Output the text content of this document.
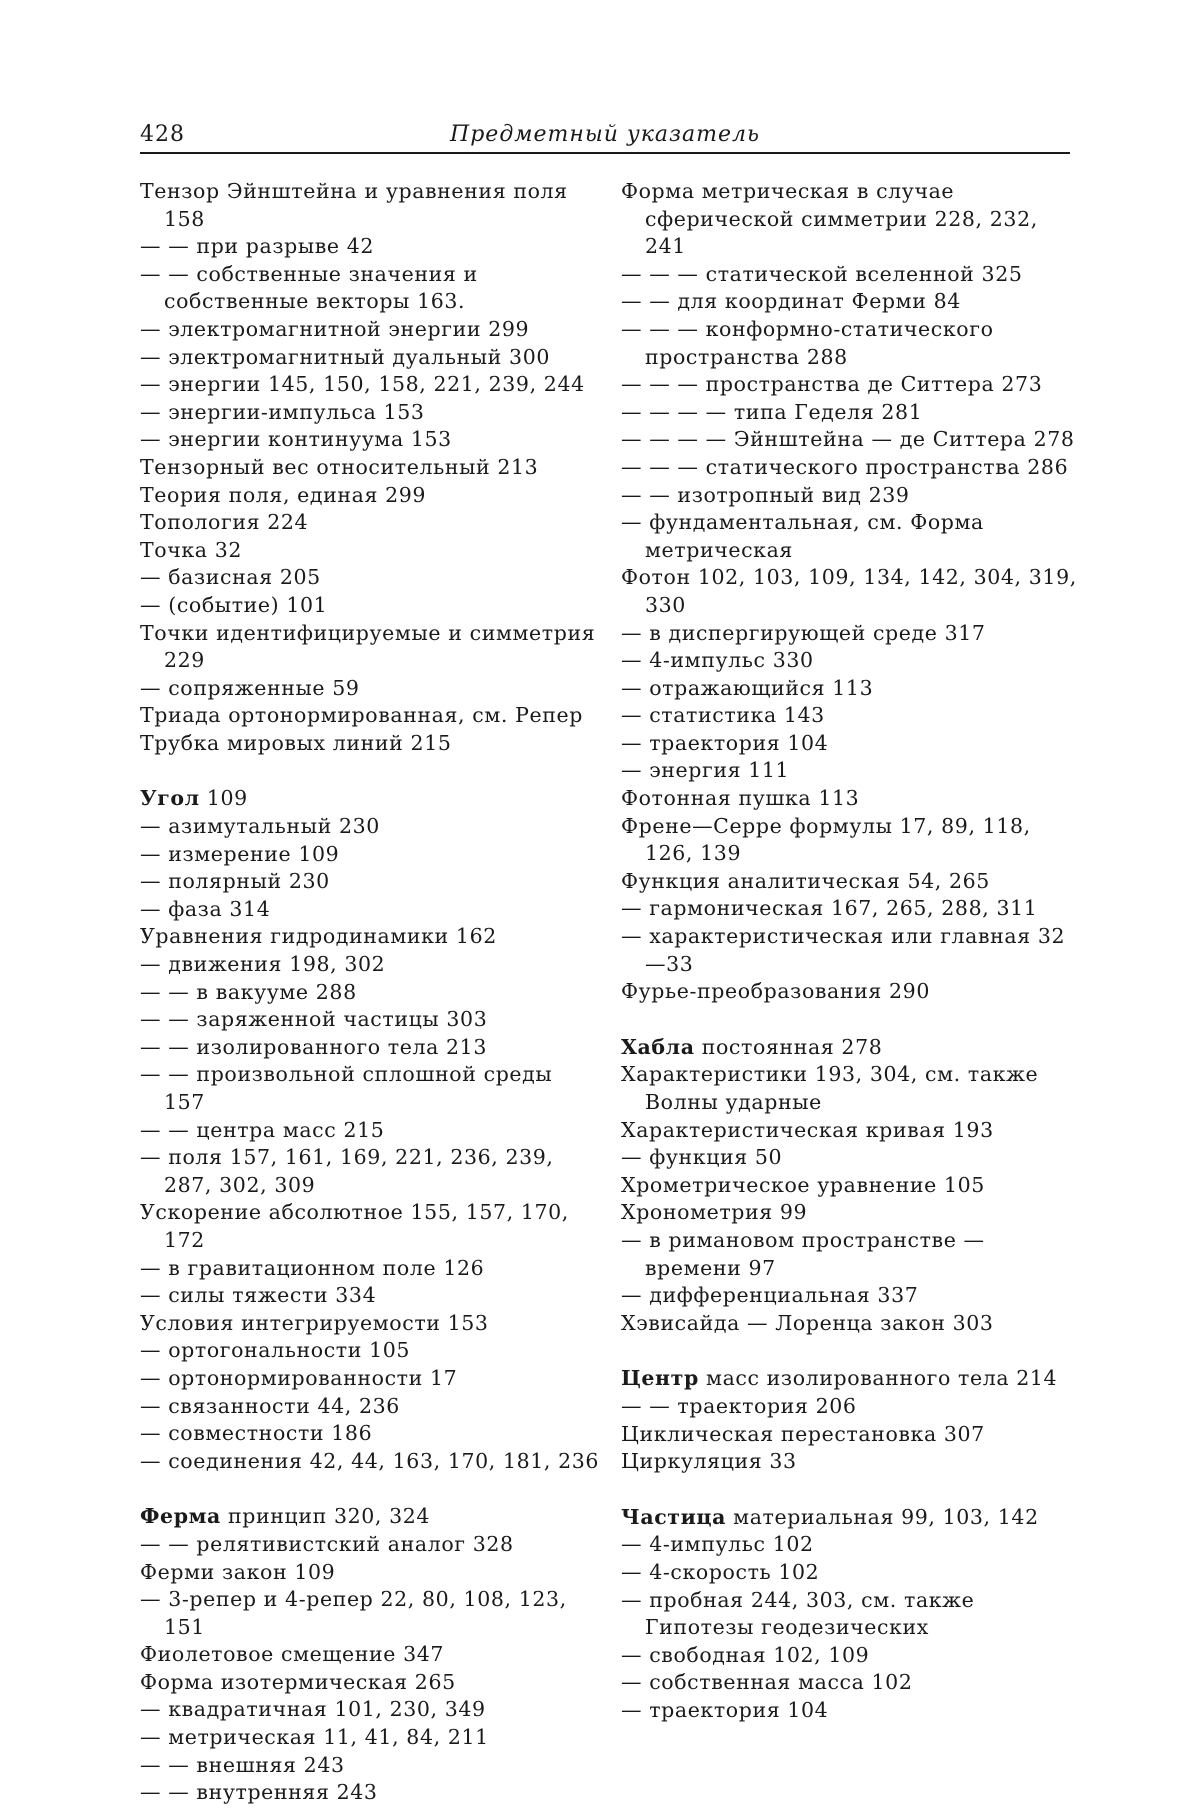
428	Предметный указатель

Тензор Эйнштейна и уравнения поля 158

— — при разрыве 42

— — собственные значения и собственные векторы 163.

— электромагнитной энергии 299

— электромагнитный дуальный 300

— энергии 145, 150, 158, 221, 239, 244

— энергии-импульса 153

— энергии континуума 153

Тензорный вес относительный 213

Теория поля, единая 299

Топология 224

Точка 32

— базисная 205

— (событие) 101

Точки идентифицируемые и симметрия 229

— сопряженные 59

Триада ортонормированная, см. Репер

Трубка мировых линий 215

Угол 109

— азимутальный 230

— измерение 109

— полярный 230

— фаза 314

Уравнения гидродинамики 162

— движения 198, 302

— — в вакууме 288

— — заряженной частицы 303

— — изолированного тела 213

— — произвольной сплошной среды 157

— — центра масс 215

— поля 157, 161, 169, 221, 236, 239, 287, 302, 309

Ускорение абсолютное 155, 157, 170, 172

— в гравитационном поле 126

— силы тяжести 334

Условия интегрируемости 153

— ортогональности 105

— ортонормированности 17

— связанности 44, 236

— совместности 186

— соединения 42, 44, 163, 170, 181, 236

Ферма принцип 320, 324

— — релятивистский аналог 328

Ферми закон 109

— 3-репер и 4-репер 22, 80, 108, 123, 151

Фиолетовое смещение 347

Форма изотермическая 265

— квадратичная 101, 230, 349

— метрическая 11, 41, 84, 211

— — внешняя 243

— — внутренняя 243

Форма метрическая в случае сферической симметрии 228, 232, 241

— — — статической вселенной 325

— — для координат Ферми 84

— — — конформно-статического пространства 288

— — — пространства де Ситтера 273

— — — — типа Геделя 281

— — — — Эйнштейна — де Ситтера 278

— — — статического пространства 286

— — изотропный вид 239

— фундаментальная, см. Форма метрическая

Фотон 102, 103, 109, 134, 142, 304, 319, 330

— в диспергирующей среде 317

— 4-импульс 330

— отражающийся 113

— статистика 143

— траектория 104

— энергия 111

Фотонная пушка 113

Френе—Серре формулы 17, 89, 118, 126, 139

Функция аналитическая 54, 265

— гармоническая 167, 265, 288, 311

— характеристическая или главная 32—33

Фурье-преобразования 290

Хабла постоянная 278

Характеристики 193, 304, см. также Волны ударные

Характеристическая кривая 193

— функция 50

Хрометрическое уравнение 105

Хронометрия 99

— в римановом пространстве — времени 97

— дифференциальная 337

Хэвисайда — Лоренца закон 303

Центр масс изолированного тела 214

— — траектория 206

Циклическая перестановка 307

Циркуляция 33

Частица материальная 99, 103, 142

— 4-импульс 102

— 4-скорость 102

— пробная 244, 303, см. также Гипотезы геодезических

— свободная 102, 109

— собственная масса 102

— траектория 104
